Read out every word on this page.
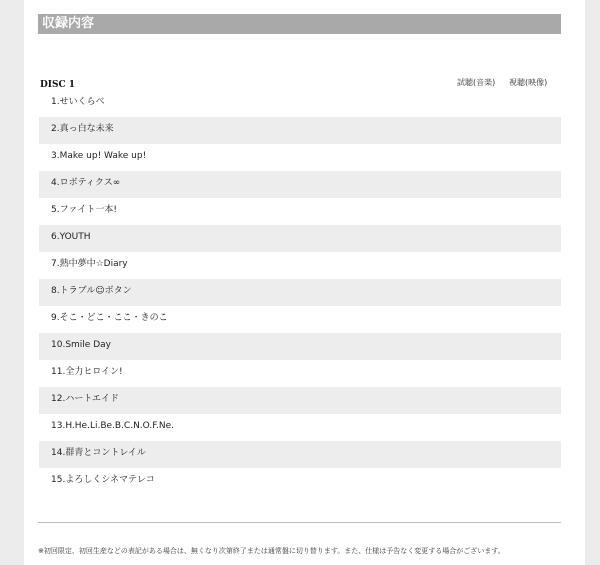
収録内容
DISC 1	試聴(音楽) 視聴(映像)
1.せいくらべ
2.真っ白な未来
3.Make up! Wake up!
4.ロボティクス∞
5.ファイト一本!
6.YOUTH
7.熱中夢中☆Diary
8.トラブル☺ボタン
9.そこ・どこ・ここ・きのこ
10.Smile Day
11.全力ヒロイン!
12.ハートエイド
13.H.He.Li.Be.B.C.N.O.F.Ne.
14.群青とコントレイル
15.よろしくシネマテレコ
※初回限定、初回生産などの表記がある場合は、無くなり次第終了または通常盤に切り替ります。また、仕様は予告なく変更する場合がございます。
